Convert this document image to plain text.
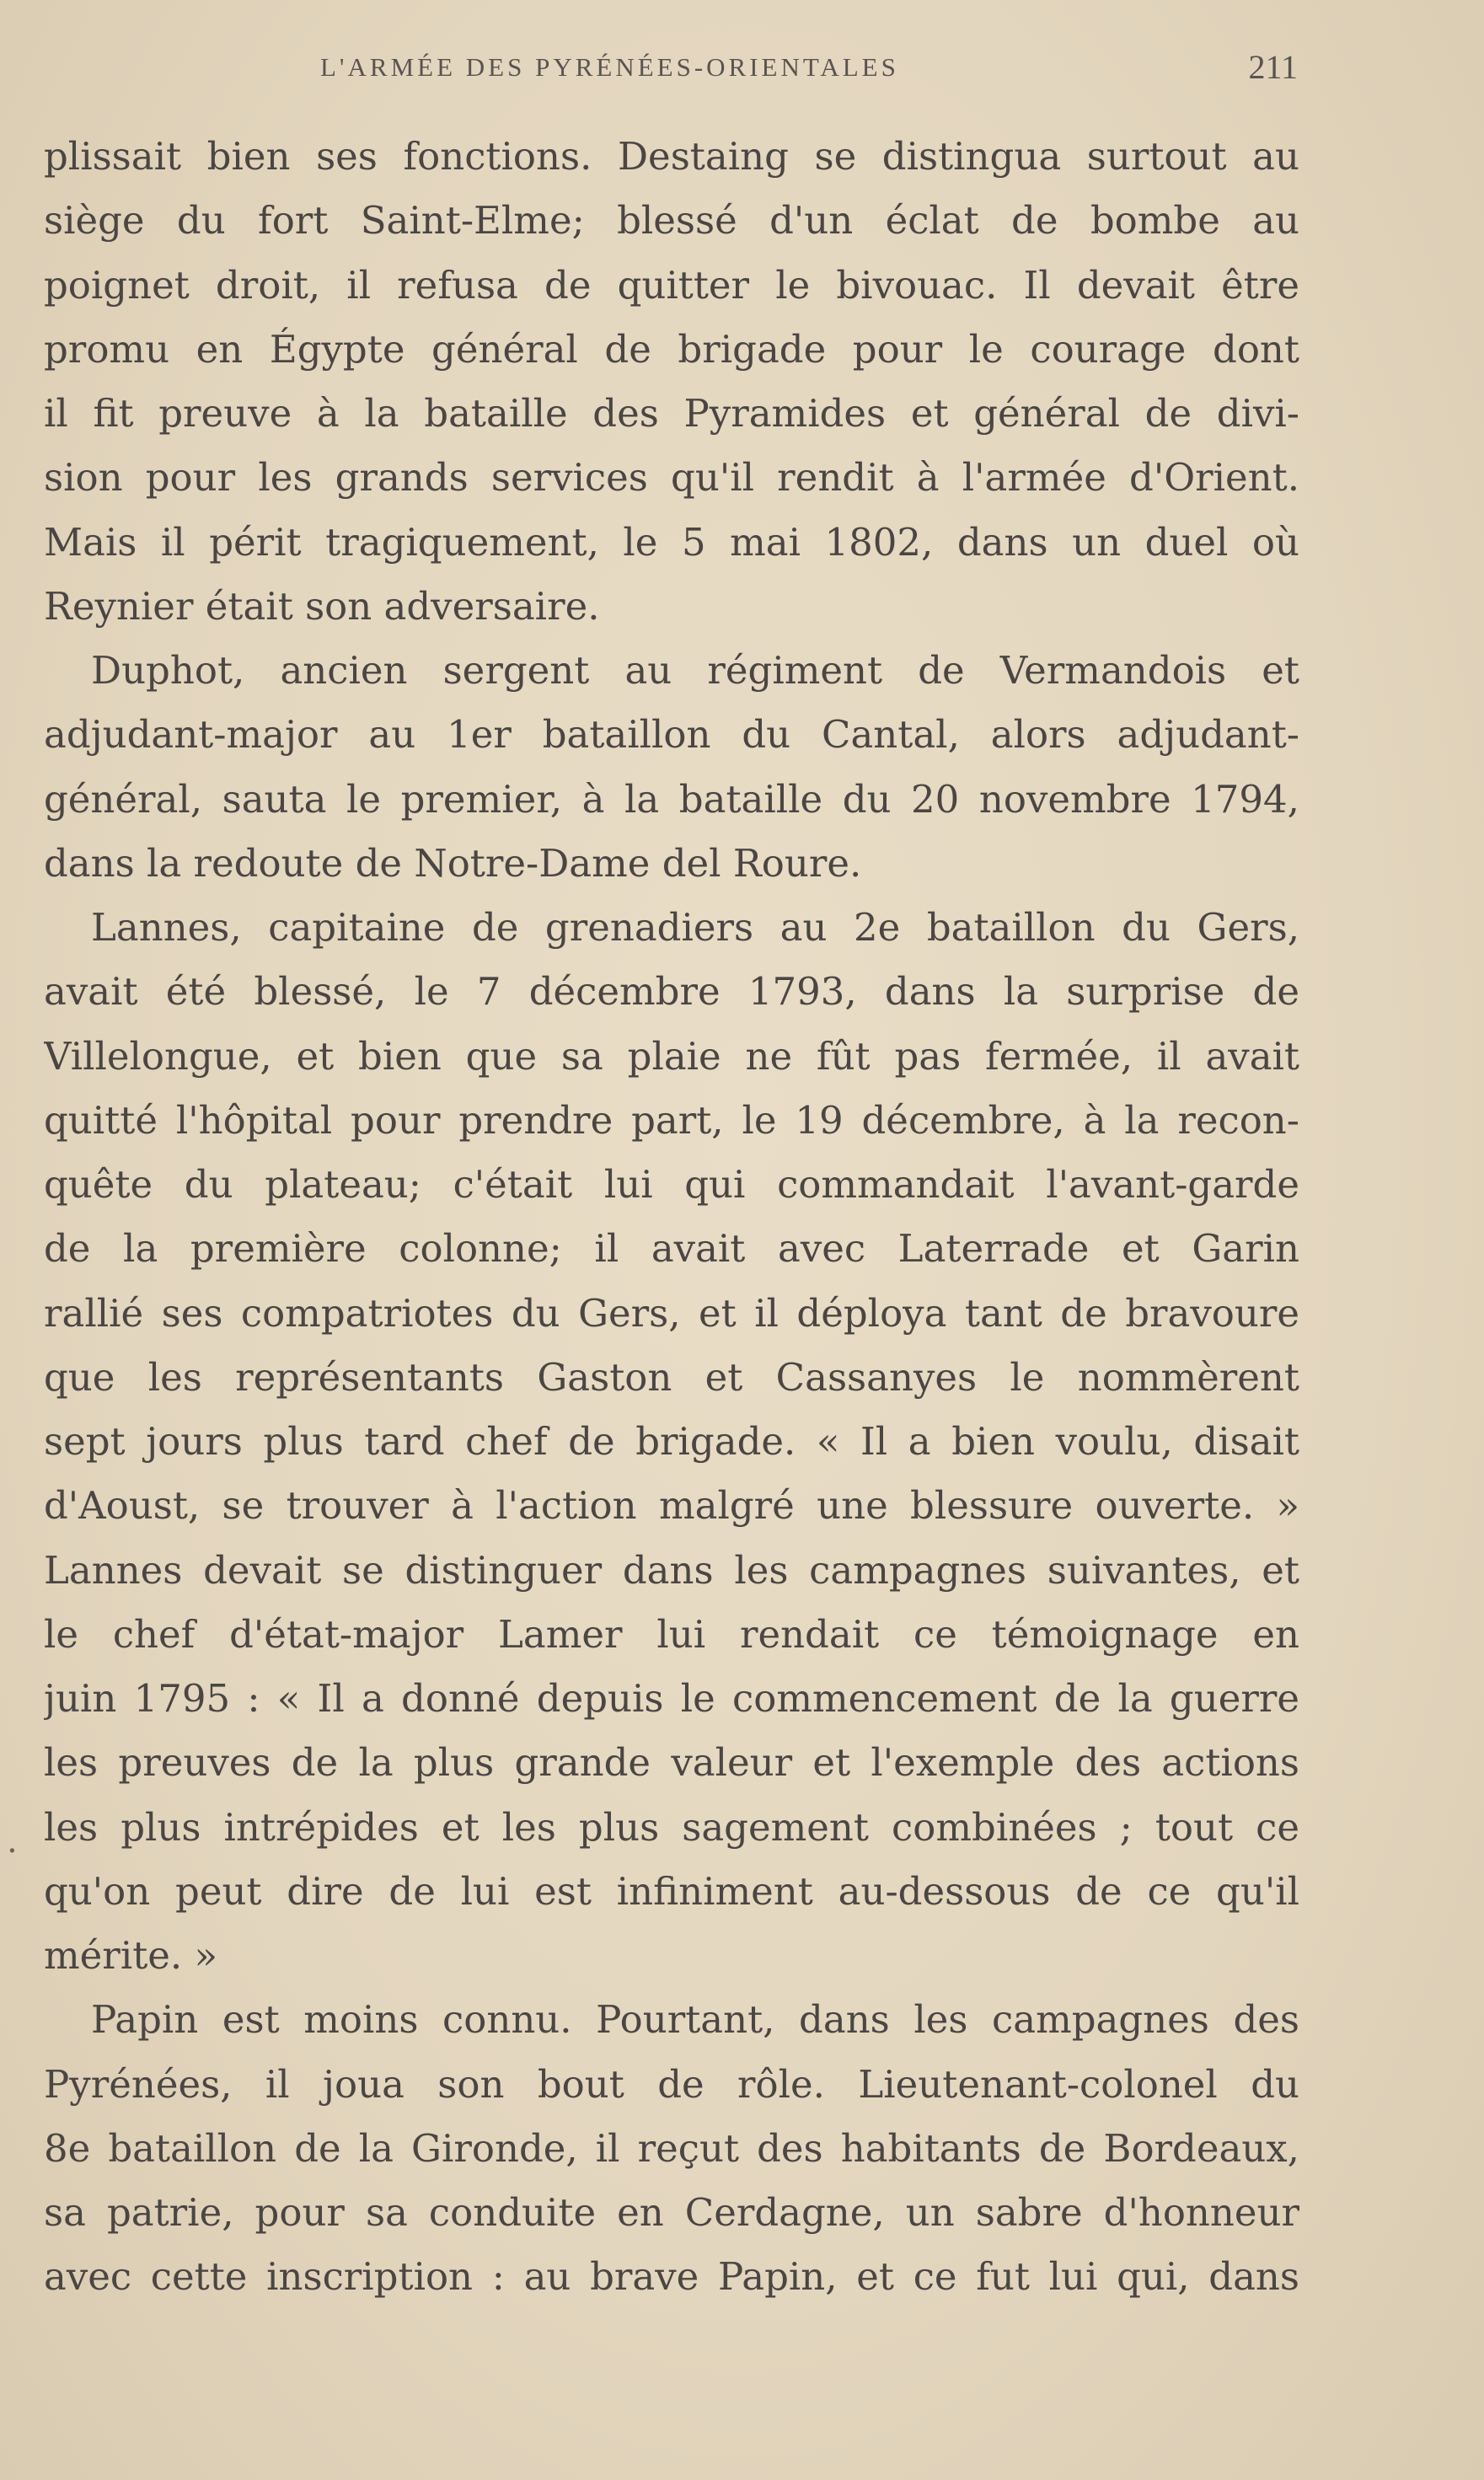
L'ARMÉE DES PYRÉNÉES-ORIENTALES	211
plissait bien ses fonctions. Destaing se distingua surtout au
siège du fort Saint-Elme; blessé d'un éclat de bombe au
poignet droit, il refusa de quitter le bivouac. Il devait être
promu en Égypte général de brigade pour le courage dont
il fit preuve à la bataille des Pyramides et général de divi-
sion pour les grands services qu'il rendit à l'armée d'Orient.
Mais il périt tragiquement, le 5 mai 1802, dans un duel où
Reynier était son adversaire.
Duphot, ancien sergent au régiment de Vermandois et
adjudant-major au 1er bataillon du Cantal, alors adjudant-
général, sauta le premier, à la bataille du 20 novembre 1794,
dans la redoute de Notre-Dame del Roure.
Lannes, capitaine de grenadiers au 2e bataillon du Gers,
avait été blessé, le 7 décembre 1793, dans la surprise de
Villelongue, et bien que sa plaie ne fût pas fermée, il avait
quitté l'hôpital pour prendre part, le 19 décembre, à la recon-
quête du plateau; c'était lui qui commandait l'avant-garde
de la première colonne; il avait avec Laterrade et Garin
rallié ses compatriotes du Gers, et il déploya tant de bravoure
que les représentants Gaston et Cassanyes le nommèrent
sept jours plus tard chef de brigade. « Il a bien voulu, disait
d'Aoust, se trouver à l'action malgré une blessure ouverte. »
Lannes devait se distinguer dans les campagnes suivantes, et
le chef d'état-major Lamer lui rendait ce témoignage en
juin 1795 : « Il a donné depuis le commencement de la guerre
les preuves de la plus grande valeur et l'exemple des actions
les plus intrépides et les plus sagement combinées ; tout ce
qu'on peut dire de lui est infiniment au-dessous de ce qu'il
mérite. »
Papin est moins connu. Pourtant, dans les campagnes des
Pyrénées, il joua son bout de rôle. Lieutenant-colonel du
8e bataillon de la Gironde, il reçut des habitants de Bordeaux,
sa patrie, pour sa conduite en Cerdagne, un sabre d'honneur
avec cette inscription : au brave Papin, et ce fut lui qui, dans
.
